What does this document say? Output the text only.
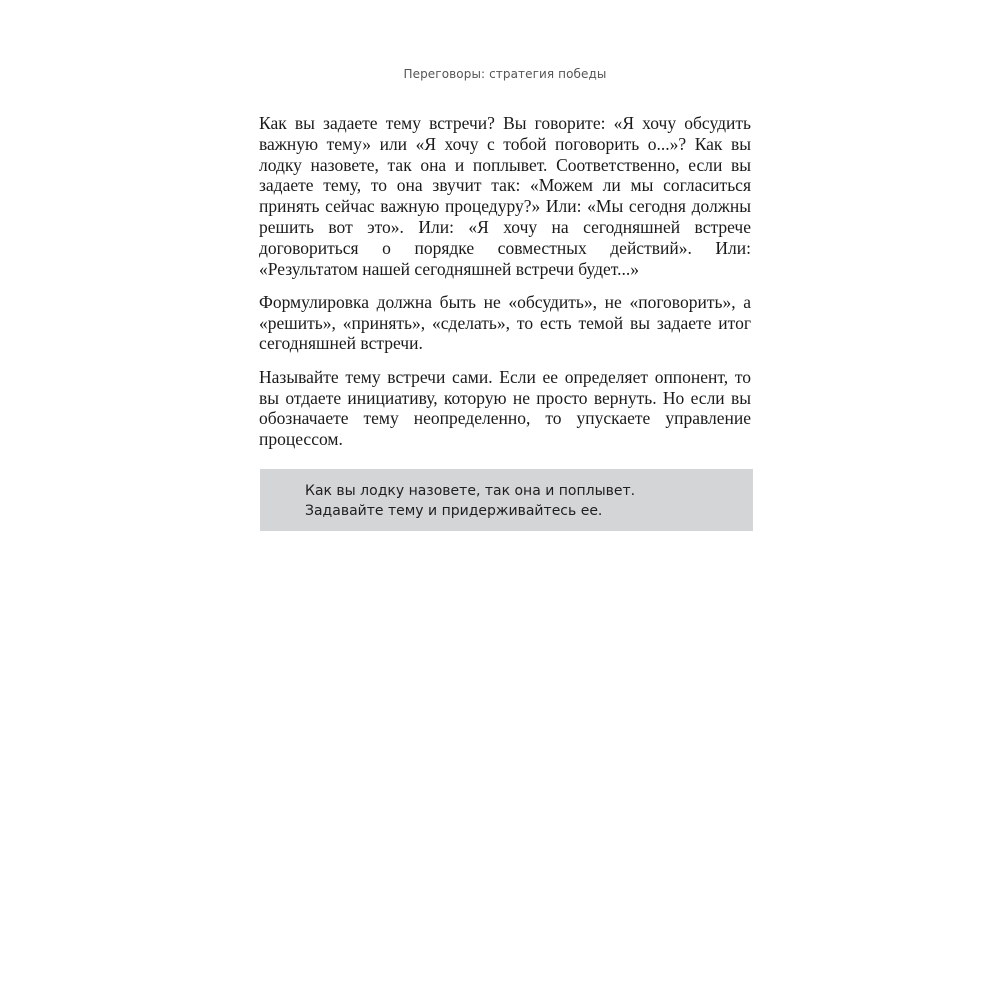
Переговоры: стратегия победы

Как вы задаете тему встречи? Вы говорите: «Я хочу обсудить важную тему» или «Я хочу с тобой поговорить о...»? Как вы лодку назовете, так она и поплывет. Соответственно, если вы задаете тему, то она звучит так: «Можем ли мы согласиться принять сейчас важную процедуру?» Или: «Мы сегодня должны решить вот это». Или: «Я хочу на сегодняшней встрече договориться о порядке совместных действий». Или: «Результатом нашей сегодняшней встречи будет...»

Формулировка должна быть не «обсудить», не «поговорить», а «решить», «принять», «сделать», то есть темой вы задаете итог сегодняшней встречи.

Называйте тему встречи сами. Если ее определяет оппонент, то вы отдаете инициативу, которую не просто вернуть. Но если вы обозначаете тему неопределенно, то упускаете управление процессом.

Как вы лодку назовете, так она и поплывет. Задавайте тему и придерживайтесь ее.
